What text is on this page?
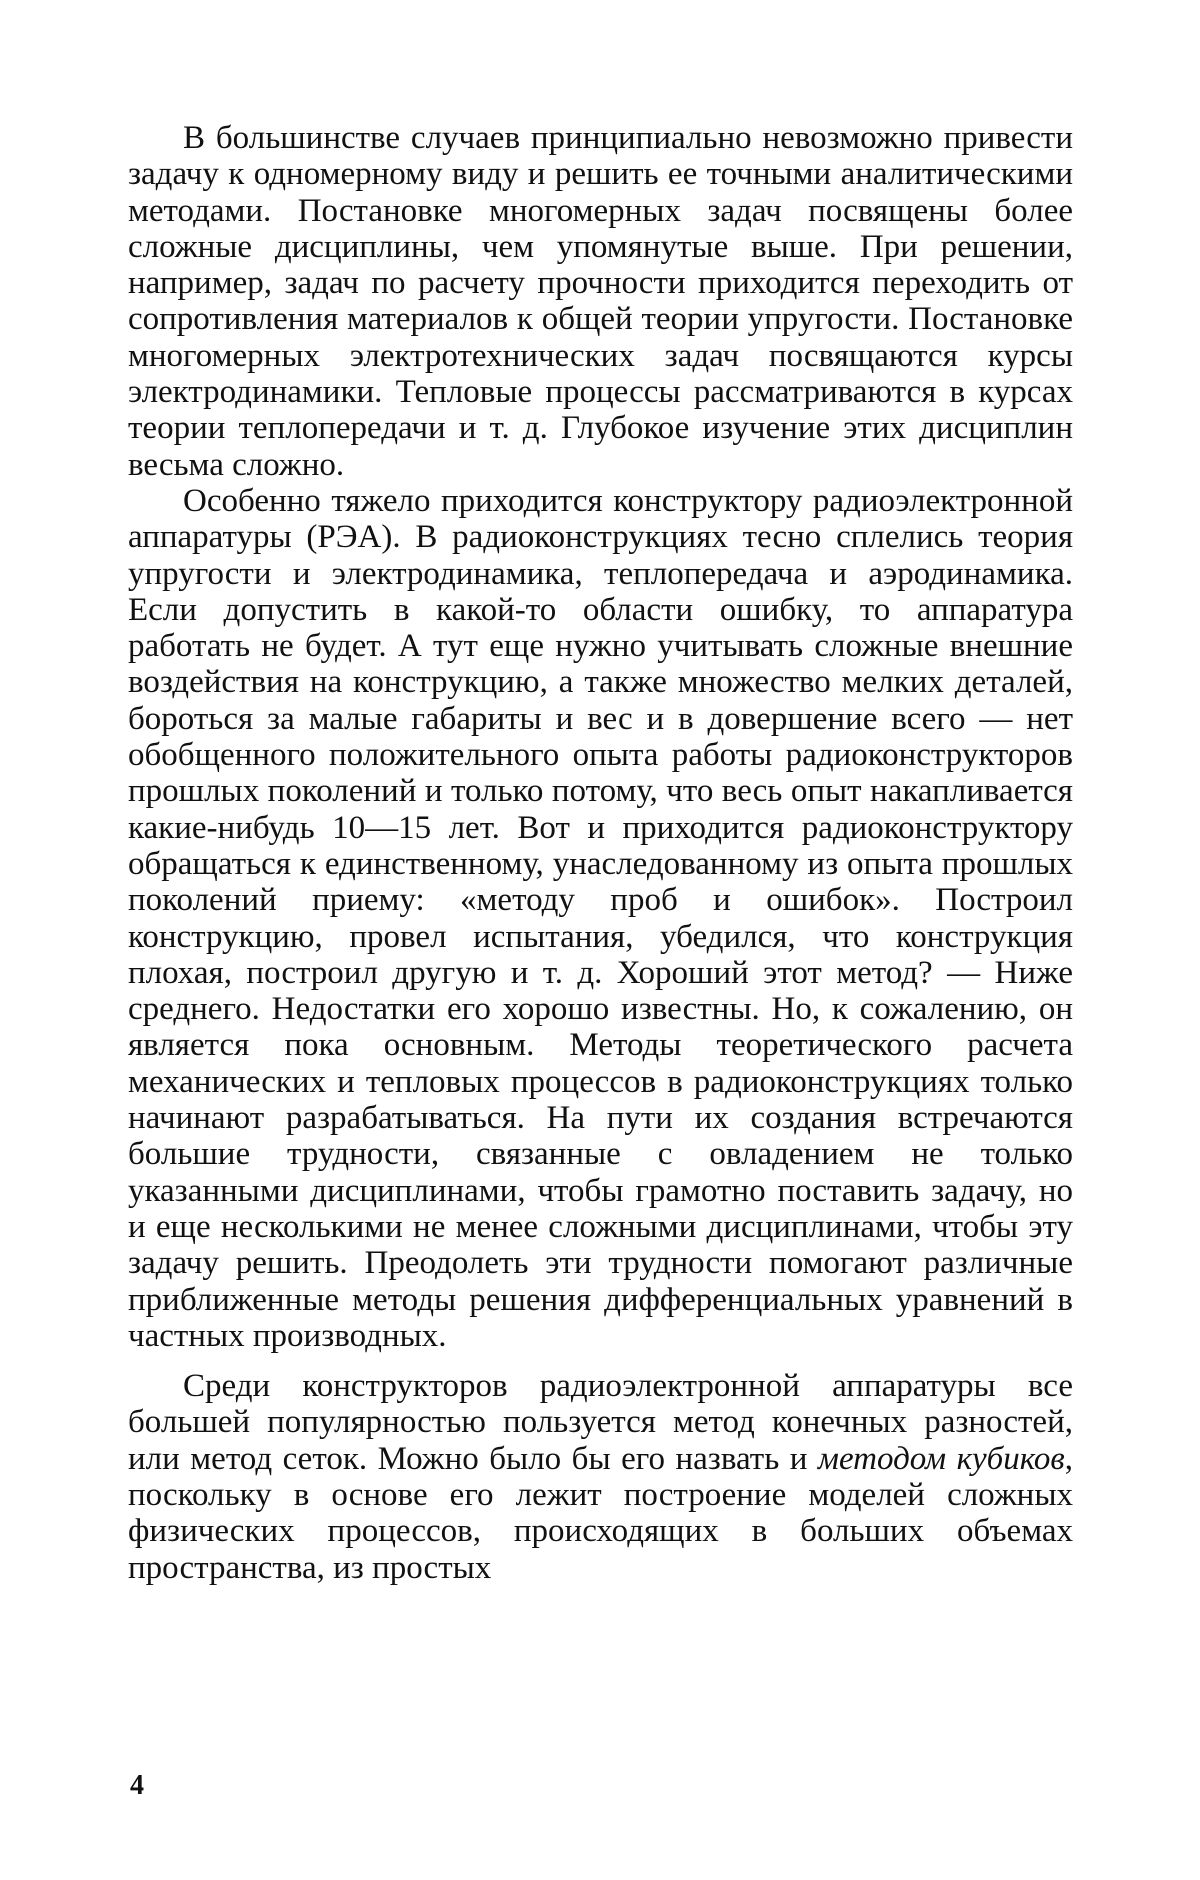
В большинстве случаев принципиально невозможно привести задачу к одномерному виду и решить ее точными аналитическими методами. Постановке многомерных задач посвящены более сложные дисциплины, чем упомянутые выше. При решении, например, задач по расчету прочности приходится переходить от сопротивления материалов к общей теории упругости. Постановке многомерных электротехнических задач посвящаются курсы электродинамики. Тепловые процессы рассматриваются в курсах теории теплопередачи и т. д. Глубокое изучение этих дисциплин весьма сложно.

Особенно тяжело приходится конструктору радиоэлектронной аппаратуры (РЭА). В радиоконструкциях тесно сплелись теория упругости и электродинамика, теплопередача и аэродинамика. Если допустить в какой-то области ошибку, то аппаратура работать не будет. А тут еще нужно учитывать сложные внешние воздействия на конструкцию, а также множество мелких деталей, бороться за малые габариты и вес и в довершение всего — нет обобщенного положительного опыта работы радиоконструкторов прошлых поколений и только потому, что весь опыт накапливается какие-нибудь 10—15 лет. Вот и приходится радиоконструктору обращаться к единственному, унаследованному из опыта прошлых поколений приему: «методу проб и ошибок». Построил конструкцию, провел испытания, убедился, что конструкция плохая, построил другую и т. д. Хороший этот метод? — Ниже среднего. Недостатки его хорошо известны. Но, к сожалению, он является пока основным. Методы теоретического расчета механических и тепловых процессов в радиоконструкциях только начинают разрабатываться. На пути их создания встречаются большие трудности, связанные с овладением не только указанными дисциплинами, чтобы грамотно поставить задачу, но и еще несколькими не менее сложными дисциплинами, чтобы эту задачу решить. Преодолеть эти трудности помогают различные приближенные методы решения дифференциальных уравнений в частных производных.

Среди конструкторов радиоэлектронной аппаратуры все большей популярностью пользуется метод конечных разностей, или метод сеток. Можно было бы его назвать и методом кубиков, поскольку в основе его лежит построение моделей сложных физических процессов, происходящих в больших объемах пространства, из простых

4
